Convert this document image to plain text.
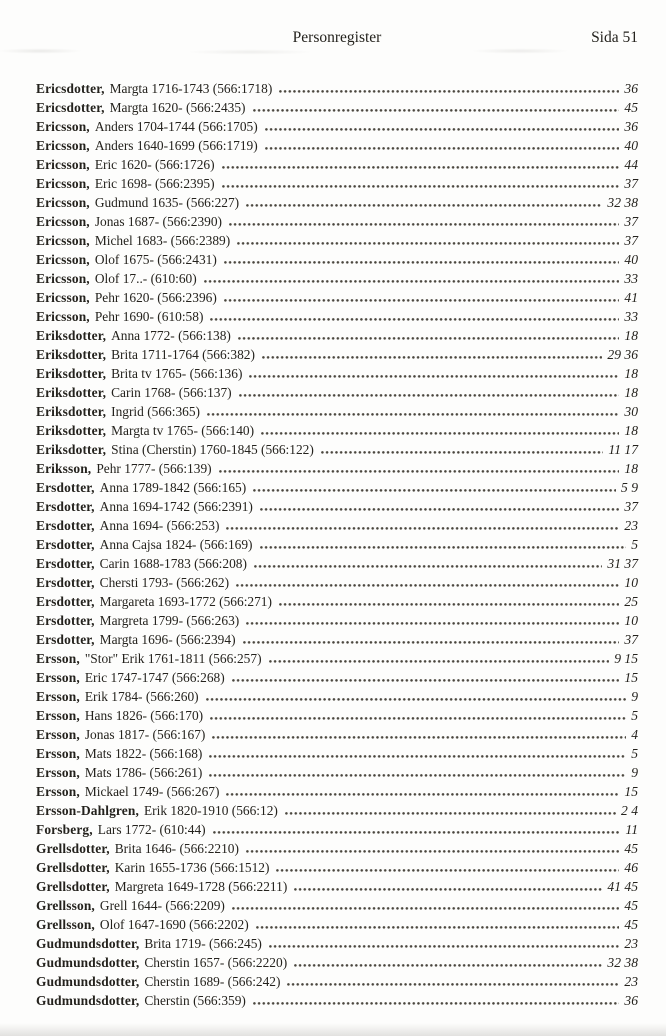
Personregister	Sida 51
Ericsdotter, Margta 1716-1743 (566:1718)	36
Ericsdotter, Margta 1620- (566:2435)	45
Ericsson, Anders 1704-1744 (566:1705)	36
Ericsson, Anders 1640-1699 (566:1719)	40
Ericsson, Eric 1620- (566:1726)	44
Ericsson, Eric 1698- (566:2395)	37
Ericsson, Gudmund 1635- (566:227)	32 38
Ericsson, Jonas 1687- (566:2390)	37
Ericsson, Michel 1683- (566:2389)	37
Ericsson, Olof 1675- (566:2431)	40
Ericsson, Olof 17..- (610:60)	33
Ericsson, Pehr 1620- (566:2396)	41
Ericsson, Pehr 1690- (610:58)	33
Eriksdotter, Anna 1772- (566:138)	18
Eriksdotter, Brita 1711-1764 (566:382)	29 36
Eriksdotter, Brita tv 1765- (566:136)	18
Eriksdotter, Carin 1768- (566:137)	18
Eriksdotter, Ingrid (566:365)	30
Eriksdotter, Margta tv 1765- (566:140)	18
Eriksdotter, Stina (Cherstin) 1760-1845 (566:122)	11 17
Eriksson, Pehr 1777- (566:139)	18
Ersdotter, Anna 1789-1842 (566:165)	5 9
Ersdotter, Anna 1694-1742 (566:2391)	37
Ersdotter, Anna 1694- (566:253)	23
Ersdotter, Anna Cajsa 1824- (566:169)	5
Ersdotter, Carin 1688-1783 (566:208)	31 37
Ersdotter, Chersti 1793- (566:262)	10
Ersdotter, Margareta 1693-1772 (566:271)	25
Ersdotter, Margreta 1799- (566:263)	10
Ersdotter, Margta 1696- (566:2394)	37
Ersson, "Stor" Erik 1761-1811 (566:257)	9 15
Ersson, Eric 1747-1747 (566:268)	15
Ersson, Erik 1784- (566:260)	9
Ersson, Hans 1826- (566:170)	5
Ersson, Jonas 1817- (566:167)	4
Ersson, Mats 1822- (566:168)	5
Ersson, Mats 1786- (566:261)	9
Ersson, Mickael 1749- (566:267)	15
Ersson-Dahlgren, Erik 1820-1910 (566:12)	2 4
Forsberg, Lars 1772- (610:44)	11
Grellsdotter, Brita 1646- (566:2210)	45
Grellsdotter, Karin 1655-1736 (566:1512)	46
Grellsdotter, Margreta 1649-1728 (566:2211)	41 45
Grellsson, Grell 1644- (566:2209)	45
Grellsson, Olof 1647-1690 (566:2202)	45
Gudmundsdotter, Brita 1719- (566:245)	23
Gudmundsdotter, Cherstin 1657- (566:2220)	32 38
Gudmundsdotter, Cherstin 1689- (566:242)	23
Gudmundsdotter, Cherstin (566:359)	36
